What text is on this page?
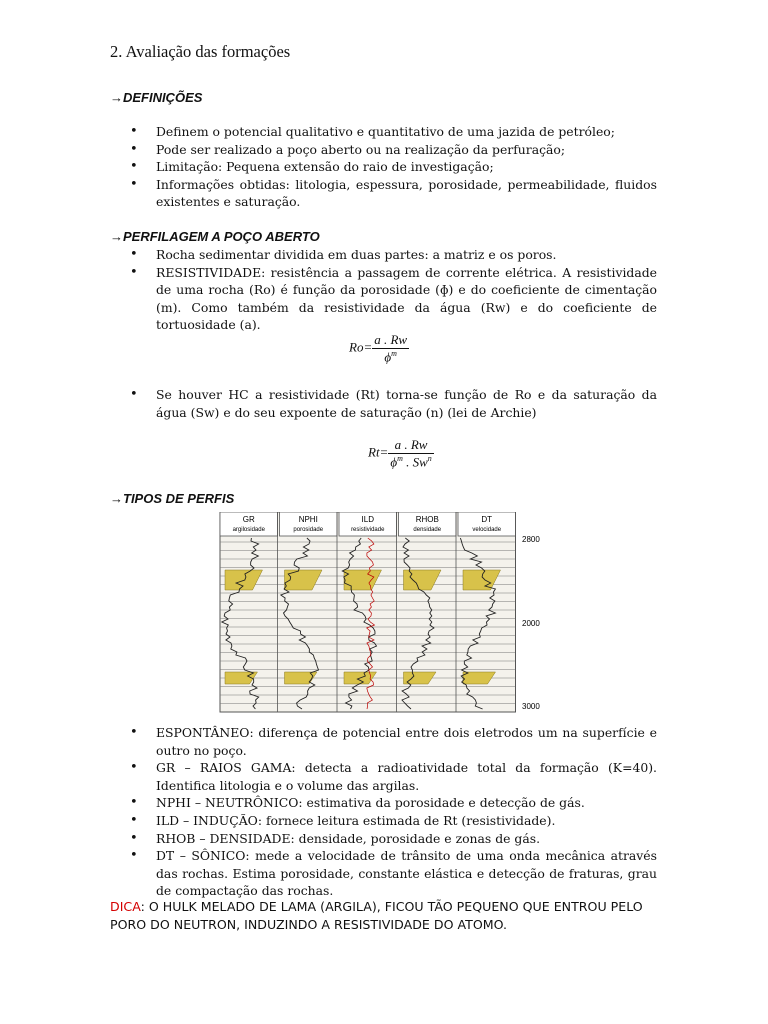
2. Avaliação das formações

→DEFINIÇÕES

• Definem o potencial qualitativo e quantitativo de uma jazida de petróleo;
• Pode ser realizado a poço aberto ou na realização da perfuração;
• Limitação: Pequena extensão do raio de investigação;
• Informações obtidas: litologia, espessura, porosidade, permeabilidade, fluidos existentes e saturação.

→PERFILAGEM A POÇO ABERTO

• Rocha sedimentar dividida em duas partes: a matriz e os poros.
• RESISTIVIDADE: resistência a passagem de corrente elétrica. A resistividade de uma rocha (Ro) é função da porosidade (ɸ) e do coeficiente de cimentação (m). Como também da resistividade da água (Rw) e do coeficiente de tortuosidade (a).
$Ro= \frac{a . Rw}{\phi^m}$
• Se houver HC a resistividade (Rt) torna-se função de Ro e da saturação da água (Sw) e do seu expoente de saturação (n) (lei de Archie)
$Rt= \frac{a . Rw}{\phi^m . Sw^n}$

→TIPOS DE PERFIS

GR
argilosidade
NPHI
porosidade
ILD
resistividade
RHOB
densidade
DT
velocidade
2800
2000
3000
• ESPONTÂNEO: diferença de potencial entre dois eletrodos um na superfície e outro no poço.
• GR – RAIOS GAMA: detecta a radioatividade total da formação (K=40). Identifica litologia e o volume das argilas.
• NPHI – NEUTRÔNICO: estimativa da porosidade e detecção de gás.
• ILD – INDUÇÃO: fornece leitura estimada de Rt (resistividade).
• RHOB – DENSIDADE: densidade, porosidade e zonas de gás.
• DT – SÔNICO: mede a velocidade de trânsito de uma onda mecânica através das rochas. Estima porosidade, constante elástica e detecção de fraturas, grau de compactação das rochas.

DICA: O HULK MELADO DE LAMA (ARGILA), FICOU TÃO PEQUENO QUE ENTROU PELO PORO DO NEUTRON, INDUZINDO A RESISTIVIDADE DO ATOMO.
